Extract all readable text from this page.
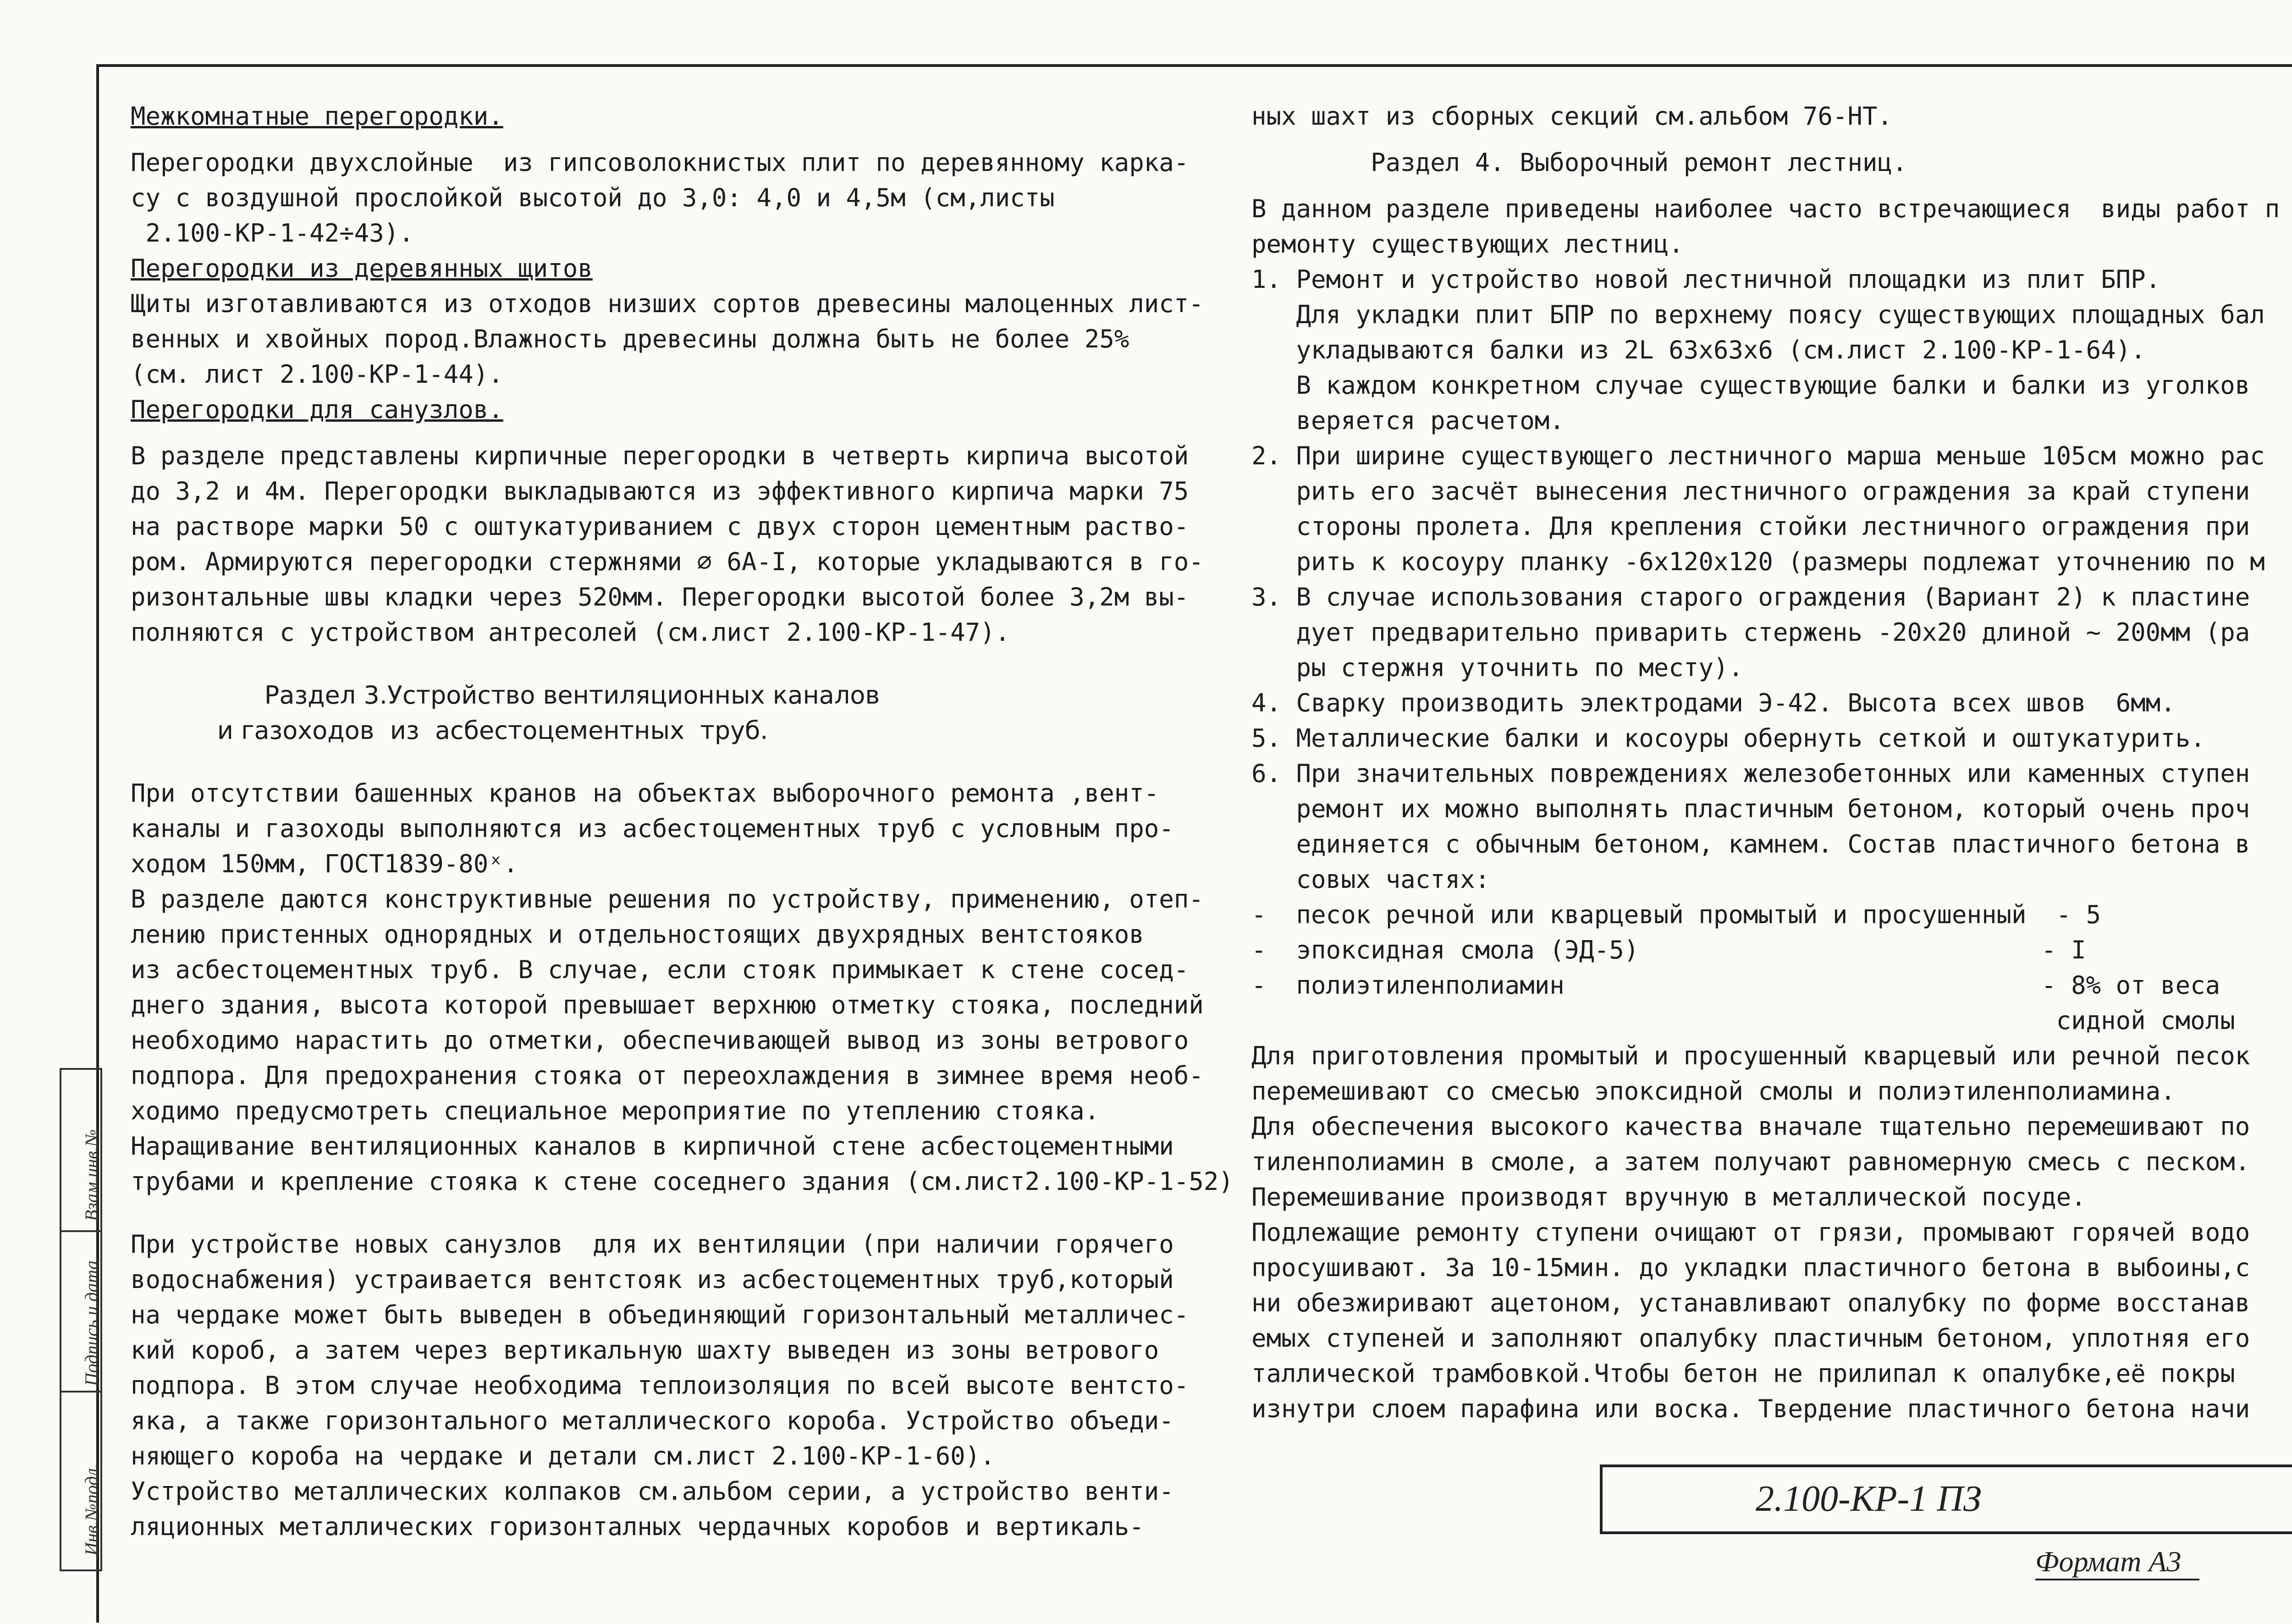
Межкомнатные перегородки.
Перегородки двухслойные  из гипсоволокнистых плит по деревянному карка-
су с воздушной прослойкой высотой до 3,0: 4,0 и 4,5м (см,листы
2.100-КР-1-42÷43).
Перегородки из деревянных щитов
Щиты изготавливаются из отходов низших сортов древесины малоценных лист-
венных и хвойных пород.Влажность древесины должна быть не более 25%
(см. лист 2.100-КР-1-44).
Перегородки для санузлов.
В разделе представлены кирпичные перегородки в четверть кирпича высотой
до 3,2 и 4м. Перегородки выкладываются из эффективного кирпича марки 75
на растворе марки 50 с оштукатуриванием с двух сторон цементным раство-
ром. Армируются перегородки стержнями ∅ 6А-I, которые укладываются в го-
ризонтальные швы кладки через 520мм. Перегородки высотой более 3,2м вы-
полняются с устройством антресолей (см.лист 2.100-КР-1-47).
Раздел 3.Устройство вентиляционных каналов
и газоходов  из  асбестоцементных  труб.
При отсутствии башенных кранов на объектах выборочного ремонта ,вент-
каналы и газоходы выполняются из асбестоцементных труб с условным про-
ходом 150мм, ГОСТ1839-80ˣ.
В разделе даются конструктивные решения по устройству, применению, отеп-
лению пристенных однорядных и отдельностоящих двухрядных вентстояков
из асбестоцементных труб. В случае, если стояк примыкает к стене сосед-
днего здания, высота которой превышает верхнюю отметку стояка, последний
необходимо нарастить до отметки, обеспечивающей вывод из зоны ветрового
подпора. Для предохранения стояка от переохлаждения в зимнее время необ-
ходимо предусмотреть специальное мероприятие по утеплению стояка.
Наращивание вентиляционных каналов в кирпичной стене асбестоцементными
трубами и крепление стояка к стене соседнего здания (см.лист2.100-КР-1-52)
При устройстве новых санузлов  для их вентиляции (при наличии горячего
водоснабжения) устраивается вентстояк из асбестоцементных труб,который
на чердаке может быть выведен в объединяющий горизонтальный металличес-
кий короб, а затем через вертикальную шахту выведен из зоны ветрового
подпора. В этом случае необходима теплоизоляция по всей высоте вентсто-
яка, а также горизонтального металлического короба. Устройство объеди-
няющего короба на чердаке и детали см.лист 2.100-КР-1-60).
Устройство металлических колпаков см.альбом серии, а устройство венти-
ляционных металлических горизонталных чердачных коробов и вертикаль-
ных шахт из сборных секций см.альбом 76-НТ.
Раздел 4. Выборочный ремонт лестниц.
В данном разделе приведены наиболее часто встречающиеся  виды работ п
ремонту существующих лестниц.
1. Ремонт и устройство новой лестничной площадки из плит БПР.
Для укладки плит БПР по верхнему поясу существующих площадных бал
укладываются балки из 2L 63х63х6 (см.лист 2.100-КР-1-64).
В каждом конкретном случае существующие балки и балки из уголков
веряется расчетом.
2. При ширине существующего лестничного марша меньше 105см можно рас
рить его засчёт вынесения лестничного ограждения за край ступени
стороны пролета. Для крепления стойки лестничного ограждения при
рить к косоуру планку -6х120х120 (размеры подлежат уточнению по м
3. В случае использования старого ограждения (Вариант 2) к пластине
дует предварительно приварить стержень -20х20 длиной ~ 200мм (ра
ры стержня уточнить по месту).
4. Сварку производить электродами Э-42. Высота всех швов  6мм.
5. Металлические балки и косоуры обернуть сеткой и оштукатурить.
6. При значительных повреждениях железобетонных или каменных ступен
ремонт их можно выполнять пластичным бетоном, который очень проч
единяется с обычным бетоном, камнем. Состав пластичного бетона в
совых частях:
-  песок речной или кварцевый промытый и просушенный  - 5
-  эпоксидная смола (ЭД-5)                           - I
-  полиэтиленполиамин                                - 8% от веса
сидной смолы
Для приготовления промытый и просушенный кварцевый или речной песок
перемешивают со смесью эпоксидной смолы и полиэтиленполиамина.
Для обеспечения высокого качества вначале тщательно перемешивают по
тиленполиамин в смоле, а затем получают равномерную смесь с песком.
Перемешивание производят вручную в металлической посуде.
Подлежащие ремонту ступени очищают от грязи, промывают горячей водо
просушивают. За 10-15мин. до укладки пластичного бетона в выбоины,с
ни обезжиривают ацетоном, устанавливают опалубку по форме восстанав
емых ступеней и заполняют опалубку пластичным бетоном, уплотняя его
таллической трамбовкой.Чтобы бетон не прилипал к опалубке,её покры
изнутри слоем парафина или воска. Твердение пластичного бетона начи
Инв.№подл.
Подпись и дата
Взам.инв.№
2.100-КР-1 ПЗ
Формат А3
